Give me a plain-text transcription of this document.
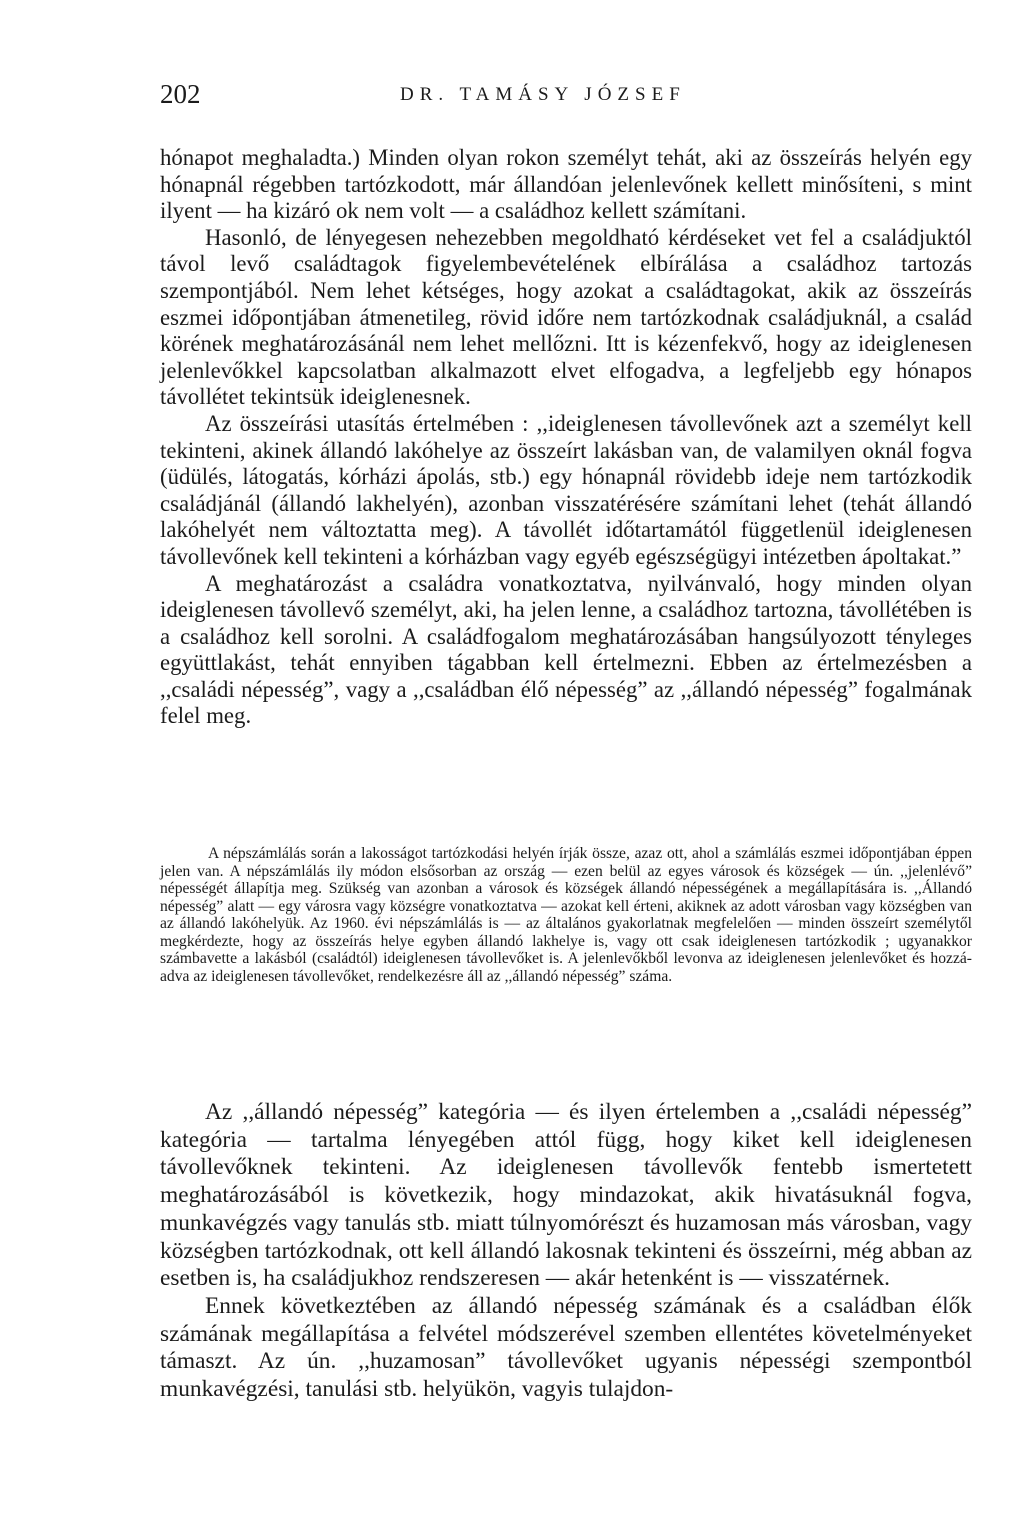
202	DR. TAMÁSY JÓZSEF

hónapot meghaladta.) Minden olyan rokon személyt tehát, aki az összeírás helyén egy hónapnál régebben tartózkodott, már állandóan jelenlevőnek kellett minősíteni, s mint ilyent — ha kizáró ok nem volt — a családhoz kellett számítani.

Hasonló, de lényegesen nehezebben megoldható kérdéseket vet fel a családjuktól távol levő családtagok figyelembevételének elbírálása a családhoz tartozás szempontjából. Nem lehet kétséges, hogy azokat a családtagokat, akik az összeírás eszmei időpontjában átmenetileg, rövid időre nem tartózkodnak családjuknál, a család körének meghatározásánál nem lehet mellőzni. Itt is kézenfekvő, hogy az ideiglenesen jelenlevőkkel kapcsolatban alkalmazott elvet elfogadva, a legfeljebb egy hónapos távollétet tekintsük ideiglenesnek.

Az összeírási utasítás értelmében : ,,ideiglenesen távollevőnek azt a személyt kell tekinteni, akinek állandó lakóhelye az összeírt lakásban van, de valamilyen oknál fogva (üdülés, látogatás, kórházi ápolás, stb.) egy hónapnál rövidebb ideje nem tartózkodik családjánál (állandó lakhelyén), azonban visszatérésére számítani lehet (tehát állandó lakóhelyét nem változtatta meg). A távollét időtartamától függetlenül ideiglenesen távollevőnek kell tekinteni a kórházban vagy egyéb egészségügyi intézetben ápoltakat.”

A meghatározást a családra vonatkoztatva, nyilvánvaló, hogy minden olyan ideiglenesen távollevő személyt, aki, ha jelen lenne, a családhoz tartozna, távollétében is a családhoz kell sorolni. A családfogalom meghatározásában hangsúlyozott tényleges együttlakást, tehát ennyiben tágabban kell értelmezni. Ebben az értelmezésben a ,,családi népesség”, vagy a ,,családban élő népesség” az ,,állandó népesség” fogalmának felel meg.

A népszámlálás során a lakosságot tartózkodási helyén írják össze, azaz ott, ahol a számlálás eszmei időpontjában éppen jelen van. A népszámlálás ily módon elsősorban az ország — ezen belül az egyes városok és községek — ún. ,,jelenlévő” népességét állapítja meg. Szükség van azonban a városok és községek állandó népességének a megállapítására is. ,,Állandó népesség” alatt — egy városra vagy községre vonatkoztatva — azokat kell érteni, akiknek az adott városban vagy községben van az állandó lakóhelyük. Az 1960. évi népszámlálás is — az általános gyakorlatnak megfelelően — minden összeírt személytől megkérdezte, hogy az összeírás helye egyben állandó lakhelye is, vagy ott csak ideiglenesen tartózkodik ; ugyanakkor számbavette a lakásból (családtól) ideiglenesen távollevőket is. A jelenlevőkből levonva az ideiglenesen jelenlevőket és hozzáadva az ideiglenesen távollevőket, rendelkezésre áll az ,,állandó népesség” száma.

Az ,,állandó népesség” kategória — és ilyen értelemben a ,,családi népesség” kategória — tartalma lényegében attól függ, hogy kiket kell ideiglenesen távollevőknek tekinteni. Az ideiglenesen távollevők fentebb ismertetett meghatározásából is következik, hogy mindazokat, akik hivatásuknál fogva, munkavégzés vagy tanulás stb. miatt túlnyomórészt és huzamosan más városban, vagy községben tartózkodnak, ott kell állandó lakosnak tekinteni és összeírni, még abban az esetben is, ha családjukhoz rendszeresen — akár hetenként is — visszatérnek.

Ennek következtében az állandó népesség számának és a családban élők számának megállapítása a felvétel módszerével szemben ellentétes követelményeket támaszt. Az ún. ,,huzamosan” távollevőket ugyanis népességi szempontból munkavégzési, tanulási stb. helyükön, vagyis tulajdon-
